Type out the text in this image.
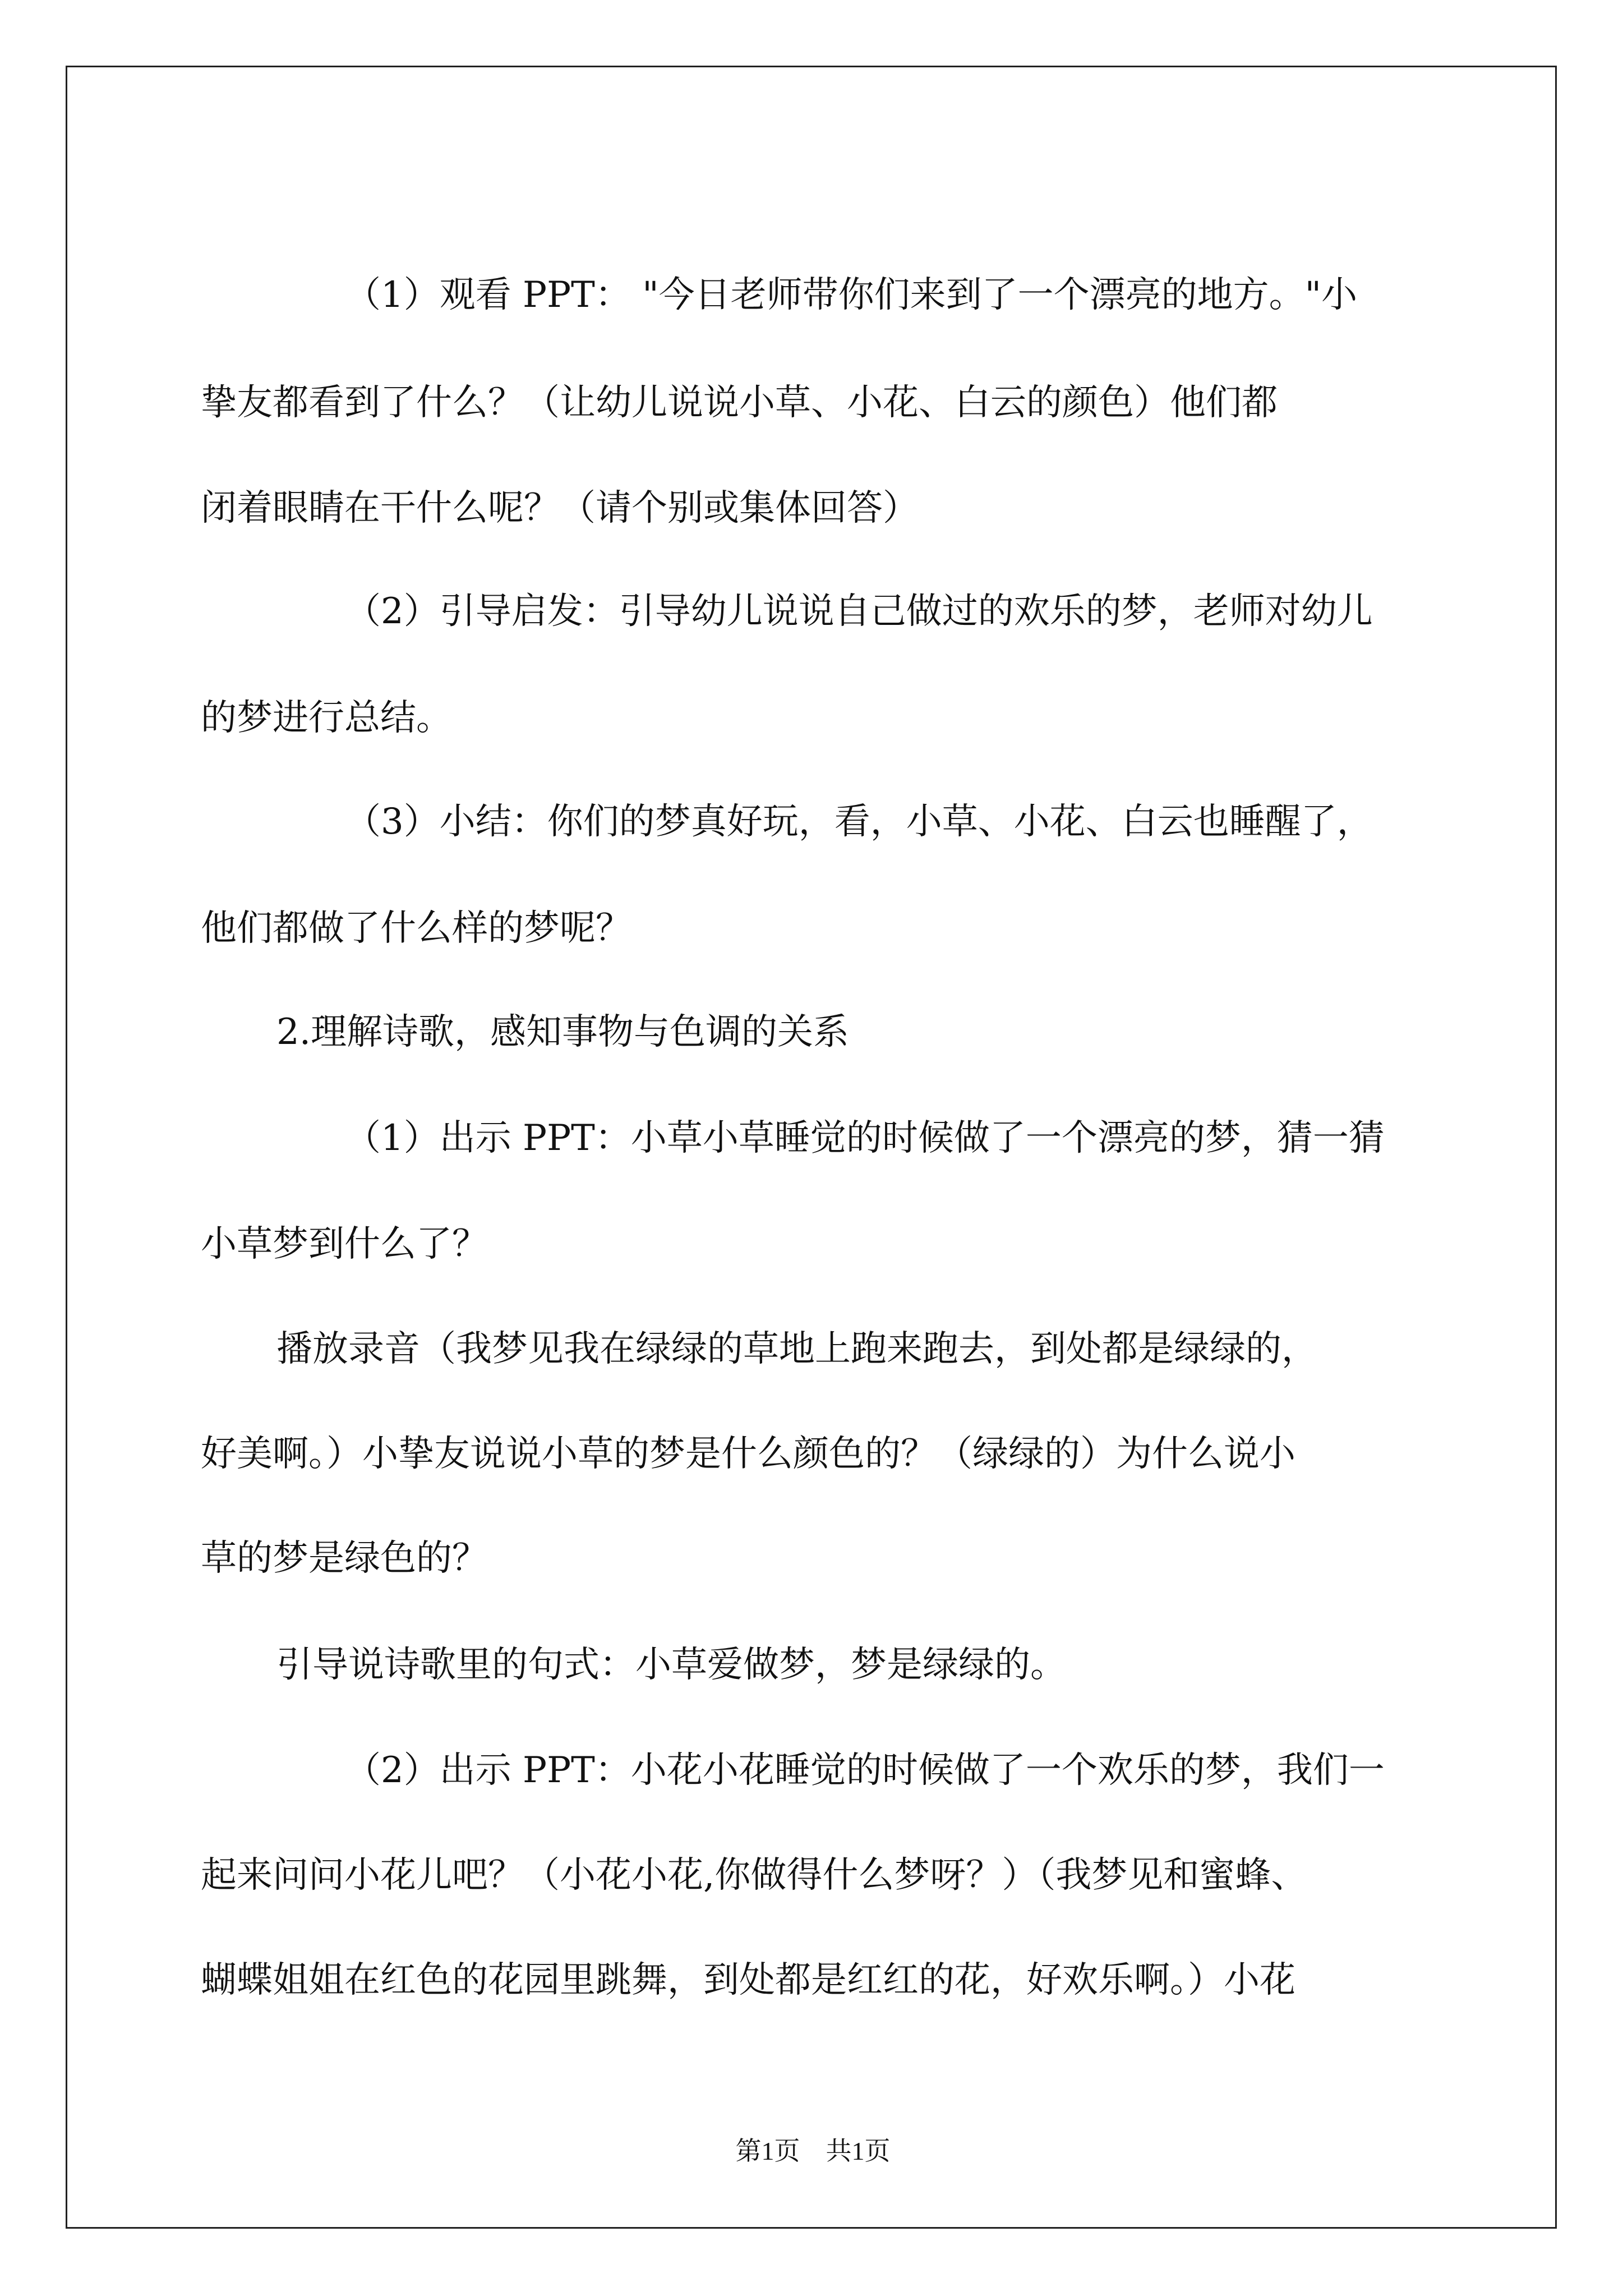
（1）观看 PPT： "今日老师带你们来到了一个漂亮的地方。"小

挚友都看到了什么？（让幼儿说说小草、小花、白云的颜色）他们都

闭着眼睛在干什么呢？（请个别或集体回答）

（2）引导启发：引导幼儿说说自己做过的欢乐的梦，老师对幼儿

的梦进行总结。

（3）小结：你们的梦真好玩，看，小草、小花、白云也睡醒了，

他们都做了什么样的梦呢？

2.理解诗歌，感知事物与色调的关系

（1）出示 PPT：小草小草睡觉的时候做了一个漂亮的梦，猜一猜

小草梦到什么了？

播放录音（我梦见我在绿绿的草地上跑来跑去，到处都是绿绿的，

好美啊。）小挚友说说小草的梦是什么颜色的？（绿绿的）为什么说小

草的梦是绿色的？

引导说诗歌里的句式：小草爱做梦，梦是绿绿的。

（2）出示 PPT：小花小花睡觉的时候做了一个欢乐的梦，我们一

起来问问小花儿吧？（小花小花,你做得什么梦呀？）（我梦见和蜜蜂、

蝴蝶姐姐在红色的花园里跳舞，到处都是红红的花，好欢乐啊。）小花

第1页　共1页
